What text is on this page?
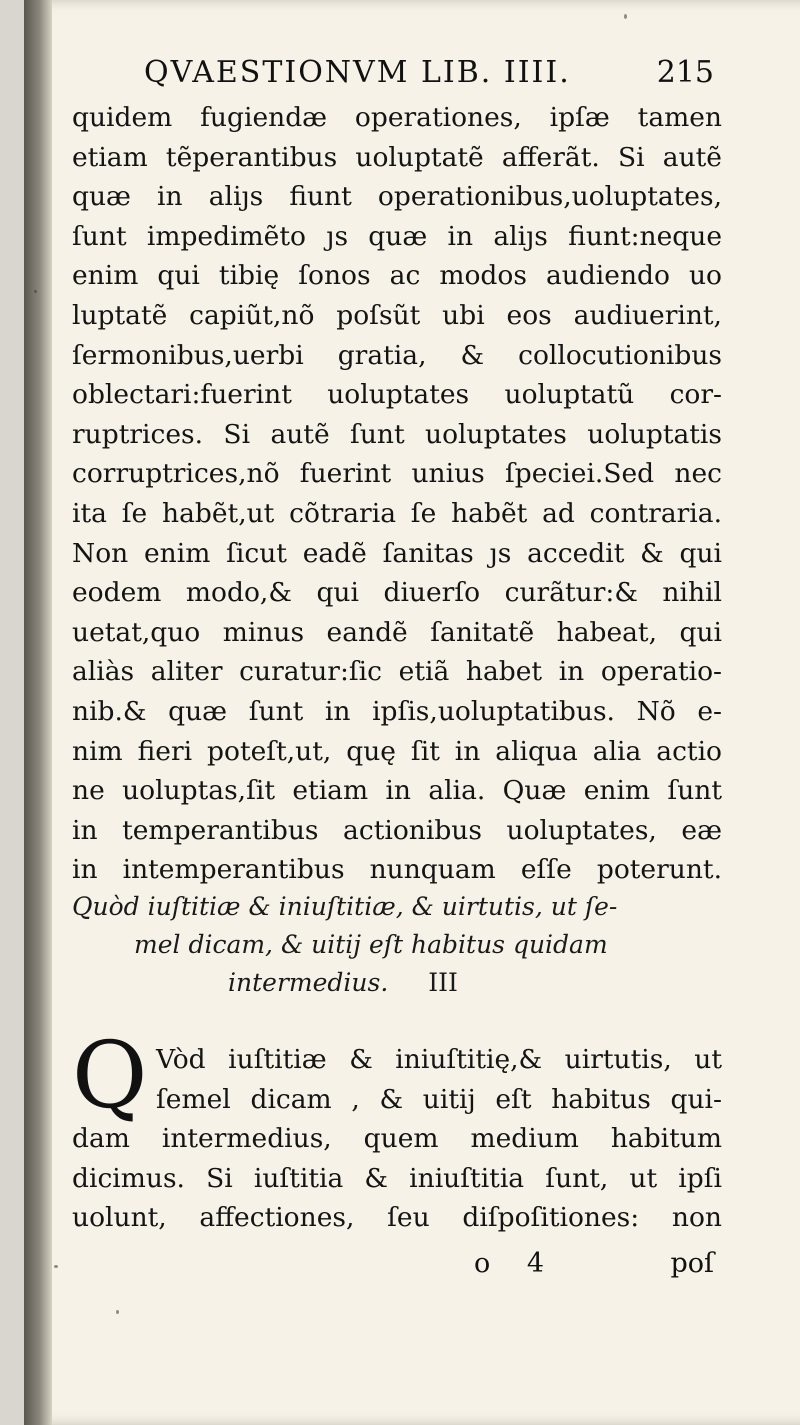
QVAESTIONVM LIB. IIII.	215
quidem fugiendæ operationes, ipſæ tamen
etiam tẽperantibus uoluptatẽ afferãt. Si autẽ
quæ in aliȷs fiunt operationibus,uoluptates,
ſunt impedimẽto ȷs quæ in aliȷs fiunt:neque
enim qui tibię ſonos ac modos audiendo uo
luptatẽ capiũt,nõ poſsũt ubi eos audiuerint,
ſermonibus,uerbi gratia, & collocutionibus
oblectari:fuerint uoluptates uoluptatũ cor-
ruptrices. Si autẽ ſunt uoluptates uoluptatis
corruptrices,nõ fuerint unius ſpeciei.Sed nec
ita ſe habẽt,ut cõtraria ſe habẽt ad contraria.
Non enim ſicut eadẽ ſanitas ȷs accedit & qui
eodem modo,& qui diuerſo curãtur:& nihil
uetat,quo minus eandẽ ſanitatẽ habeat, qui
aliàs aliter curatur:ſic etiã habet in operatio-
nib.& quæ ſunt in ipſis,uoluptatibus. Nõ e-
nim fieri poteſt,ut, quę ſit in aliqua alia actio
ne uoluptas,ſit etiam in alia. Quæ enim ſunt
in temperantibus actionibus uoluptates, eæ
in intemperantibus nunquam eſſe poterunt.
Quòd iuſtitiæ & iniuſtitiæ, & uirtutis, ut ſe-
mel dicam, & uitij eſt habitus quidam
intermedius. III
Q Vòd iuſtitiæ & iniuſtitię,& uirtutis, ut
ſemel dicam , & uitij eſt habitus qui-
dam intermedius, quem medium habitum
dicimus. Si iuſtitia & iniuſtitia ſunt, ut ipſi
uolunt, affectiones, ſeu diſpoſitiones: non
o 4	poſ
